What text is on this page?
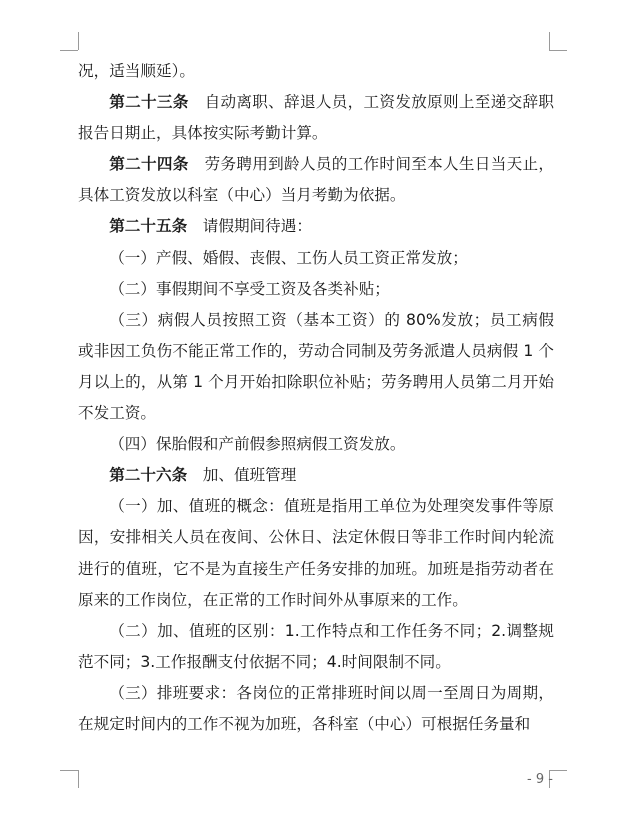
况，适当顺延）。

第二十三条　自动离职、辞退人员，工资发放原则上至递交辞职报告日期止，具体按实际考勤计算。

第二十四条　劳务聘用到龄人员的工作时间至本人生日当天止，具体工资发放以科室（中心）当月考勤为依据。

第二十五条　请假期间待遇：

（一）产假、婚假、丧假、工伤人员工资正常发放；

（二）事假期间不享受工资及各类补贴；

（三）病假人员按照工资（基本工资）的 80%发放；员工病假或非因工负伤不能正常工作的，劳动合同制及劳务派遣人员病假 1 个月以上的，从第 1 个月开始扣除职位补贴；劳务聘用人员第二月开始不发工资。

（四）保胎假和产前假参照病假工资发放。

第二十六条　加、值班管理

（一）加、值班的概念：值班是指用工单位为处理突发事件等原因，安排相关人员在夜间、公休日、法定休假日等非工作时间内轮流进行的值班，它不是为直接生产任务安排的加班。加班是指劳动者在原来的工作岗位，在正常的工作时间外从事原来的工作。

（二）加、值班的区别：1.工作特点和工作任务不同；2.调整规范不同；3.工作报酬支付依据不同；4.时间限制不同。

（三）排班要求：各岗位的正常排班时间以周一至周日为周期，在规定时间内的工作不视为加班，各科室（中心）可根据任务量和

- 9 -
